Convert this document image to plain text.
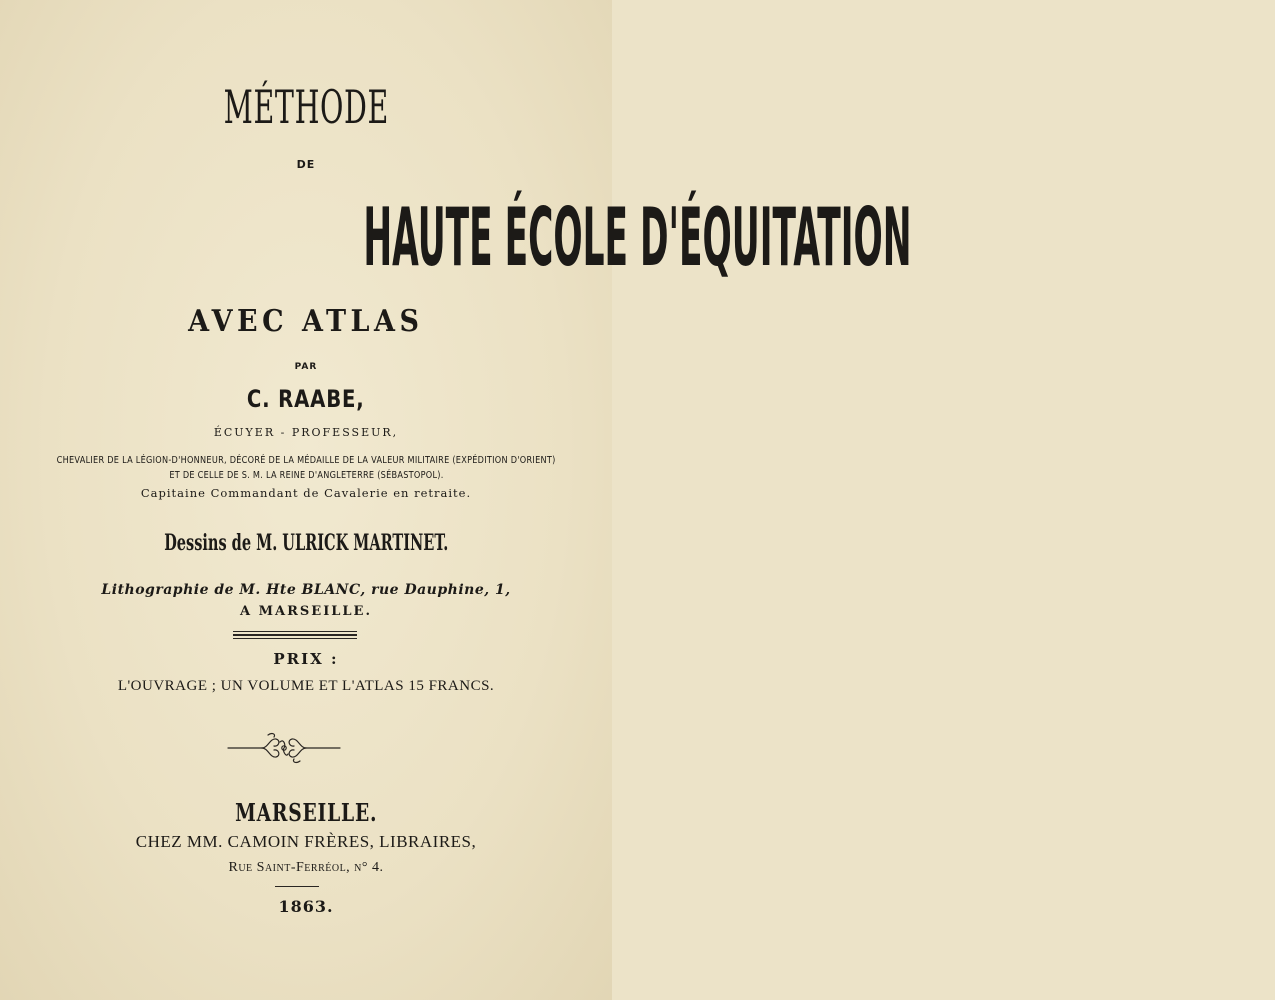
MÉTHODE
DE
HAUTE ÉCOLE D'ÉQUITATION
AVEC ATLAS
PAR
C. RAABE,
ÉCUYER - PROFESSEUR,
CHEVALIER DE LA LÉGION-D'HONNEUR, DÉCORÉ DE LA MÉDAILLE DE LA VALEUR MILITAIRE (EXPÉDITION D'ORIENT)
ET DE CELLE DE S. M. LA REINE D'ANGLETERRE (SÉBASTOPOL).
Capitaine Commandant de Cavalerie en retraite.
Dessins de M. ULRICK MARTINET.
Lithographie de M. Hte BLANC, rue Dauphine, 1,
A MARSEILLE.
PRIX :
L'OUVRAGE ; UN VOLUME ET L'ATLAS 15 FRANCS.
MARSEILLE.
CHEZ MM. CAMOIN FRÈRES, LIBRAIRES,
Rue Saint-Ferréol, n° 4.
1863.
